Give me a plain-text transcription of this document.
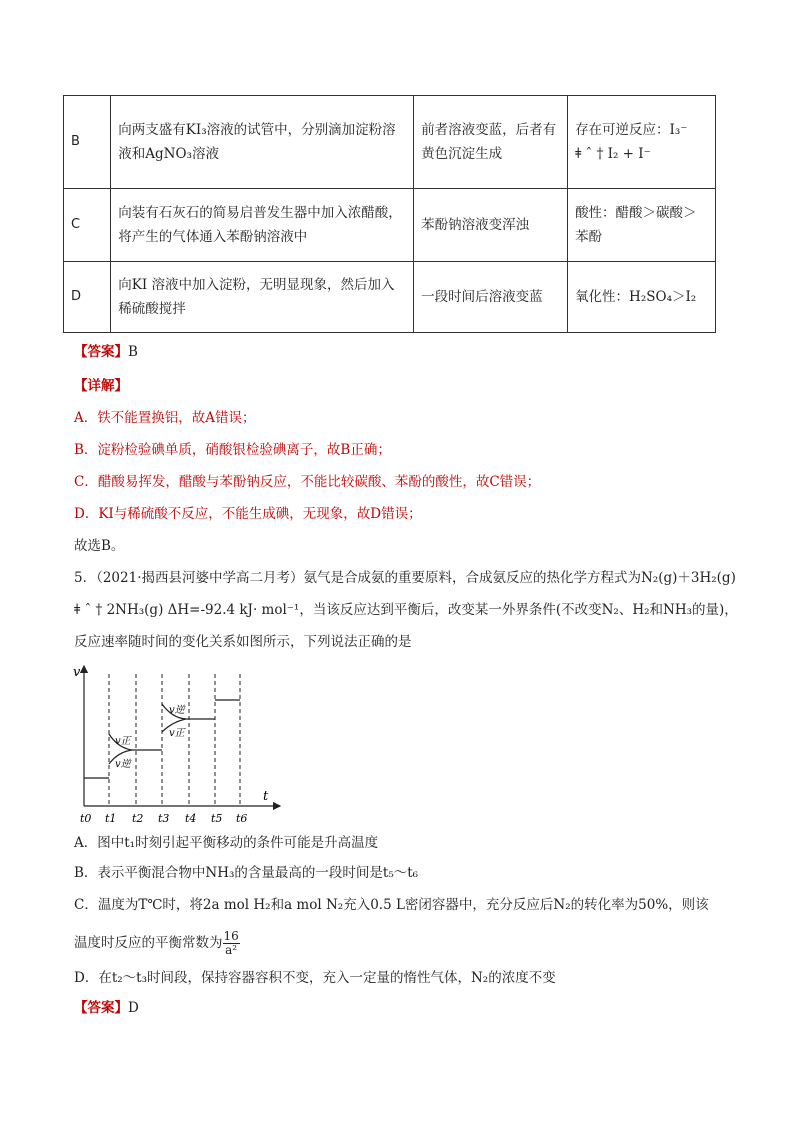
B	向两支盛有KI₃溶液的试管中，分别滴加淀粉溶液和AgNO₃溶液	前者溶液变蓝，后者有黄色沉淀生成	存在可逆反应：I₃⁻
ǂ ˆ † I₂ + I⁻

C	向装有石灰石的简易启普发生器中加入浓醋酸，将产生的气体通入苯酚钠溶液中	苯酚钠溶液变浑浊	酸性：醋酸＞碳酸＞苯酚
D	向KI 溶液中加入淀粉，无明显现象，然后加入稀硫酸搅拌	一段时间后溶液变蓝	氧化性：H₂SO₄＞I₂
【答案】B
【详解】
A．铁不能置换铝，故A错误；
B．淀粉检验碘单质，硝酸银检验碘离子，故B正确；
C．醋酸易挥发，醋酸与苯酚钠反应，不能比较碳酸、苯酚的酸性，故C错误；
D．KI与稀硫酸不反应，不能生成碘，无现象，故D错误；
故选B。
5．（2021·揭西县河婆中学高二月考）氨气是合成氨的重要原料，合成氨反应的热化学方程式为N₂(g)＋3H₂(g)
ǂ ˆ † 2NH₃(g) ΔH=-92.4 kJ· mol⁻¹，当该反应达到平衡后，改变某一外界条件(不改变N₂、H₂和NH₃的量)，
反应速率随时间的变化关系如图所示，下列说法正确的是
v
t
v正
v逆
v逆
v正
t0 t1 t2 t3 t4 t5 t6
A．图中t₁时刻引起平衡移动的条件可能是升高温度
B．表示平衡混合物中NH₃的含量最高的一段时间是t₅～t₆
C．温度为T℃时，将2a mol H₂和a mol N₂充入0.5 L密闭容器中，充分反应后N₂的转化率为50%，则该
温度时反应的平衡常数为 $\frac{16}{\text{a²}}$
D．在t₂～t₃时间段，保持容器容积不变，充入一定量的惰性气体，N₂的浓度不变
【答案】D
